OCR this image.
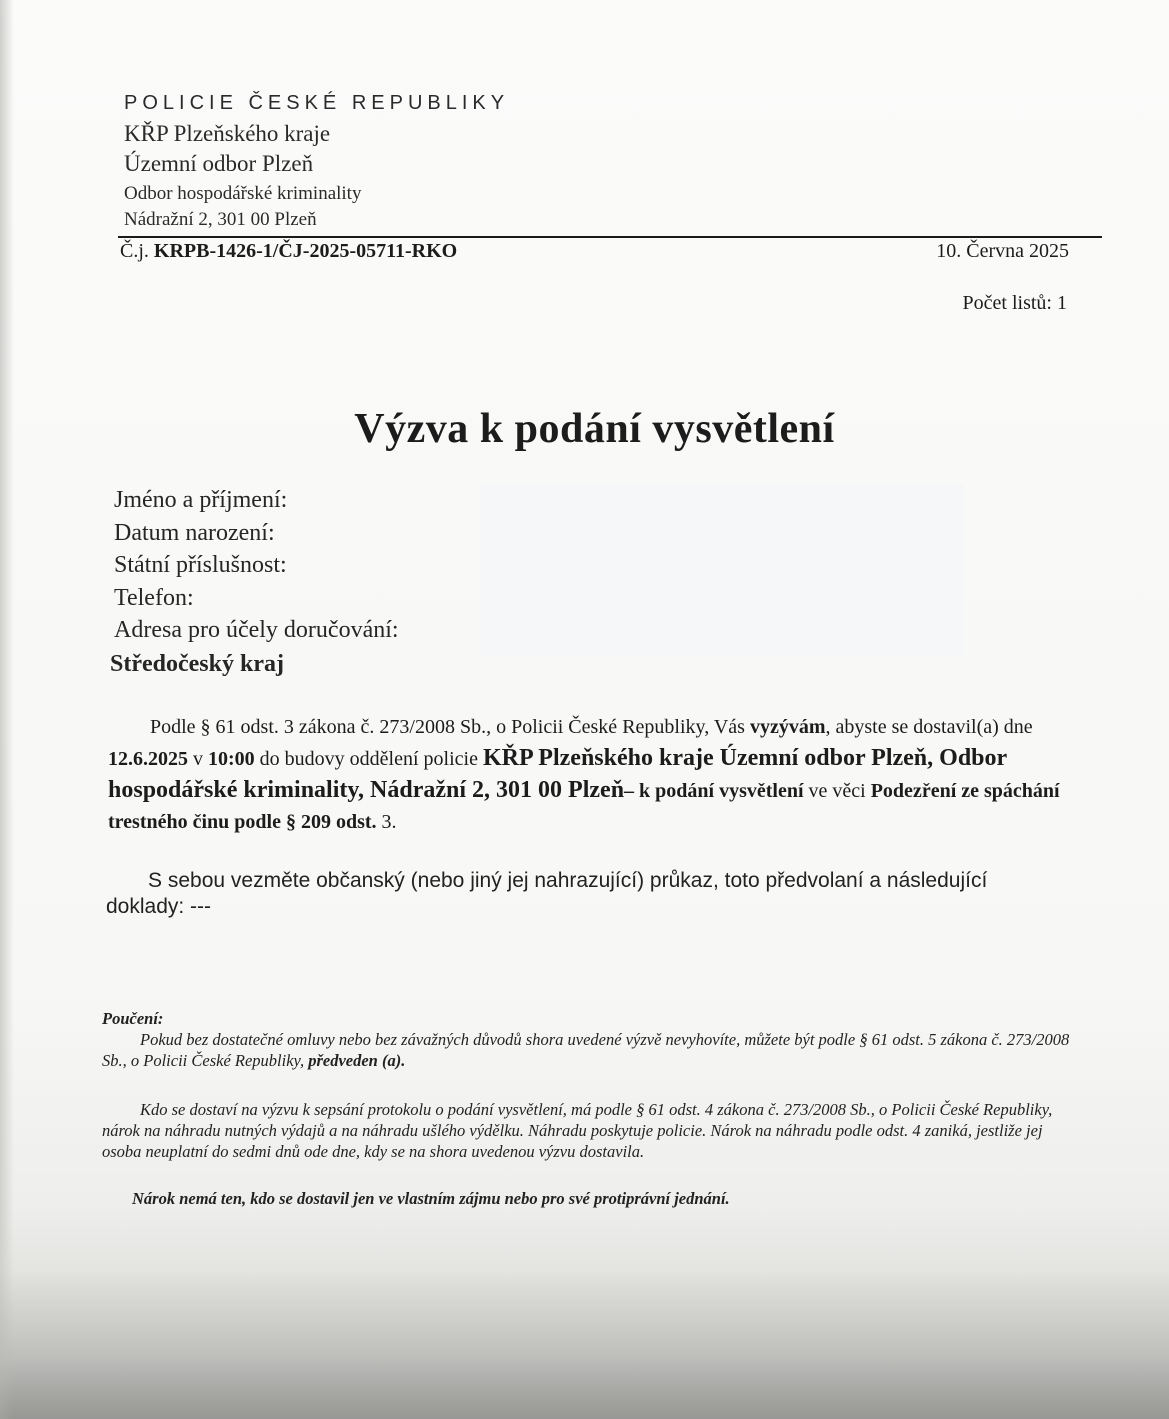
POLICIE ČESKÉ REPUBLIKY
KŘP Plzeňského kraje
Územní odbor Plzeň
Odbor hospodářské kriminality
Nádražní 2, 301 00 Plzeň
Č.j. KRPB-1426-1/ČJ-2025-05711-RKO	10. Června 2025
Počet listů: 1
Výzva k podání vysvětlení
Jméno a příjmení:
Datum narození:
Státní příslušnost:
Telefon:
Adresa pro účely doručování:
Středočeský kraj
Podle § 61 odst. 3 zákona č. 273/2008 Sb., o Policii České Republiky, Vás vyzývám, abyste se dostavil(a) dne 12.6.2025 v 10:00 do budovy oddělení policie KŘP Plzeňského kraje Územní odbor Plzeň, Odbor hospodářské kriminality, Nádražní 2, 301 00 Plzeň– k podání vysvětlení ve věci Podezření ze spáchání trestného činu podle § 209 odst. 3.
S sebou vezměte občanský (nebo jiný jej nahrazující) průkaz, toto předvolaní a následující doklady: ---

Poučení:

Pokud bez dostatečné omluvy nebo bez závažných důvodů shora uvedené výzvě nevyhovíte, můžete být podle § 61 odst. 5 zákona č. 273/2008 Sb., o Policii České Republiky, předveden (a).

Kdo se dostaví na výzvu k sepsání protokolu o podání vysvětlení, má podle § 61 odst. 4 zákona č. 273/2008 Sb., o Policii České Republiky, nárok na náhradu nutných výdajů a na náhradu ušlého výdělku. Náhradu poskytuje policie. Nárok na náhradu podle odst. 4 zaniká, jestliže jej osoba neuplatní do sedmi dnů ode dne, kdy se na shora uvedenou výzvu dostavila.

Nárok nemá ten, kdo se dostavil jen ve vlastním zájmu nebo pro své protiprávní jednání.
